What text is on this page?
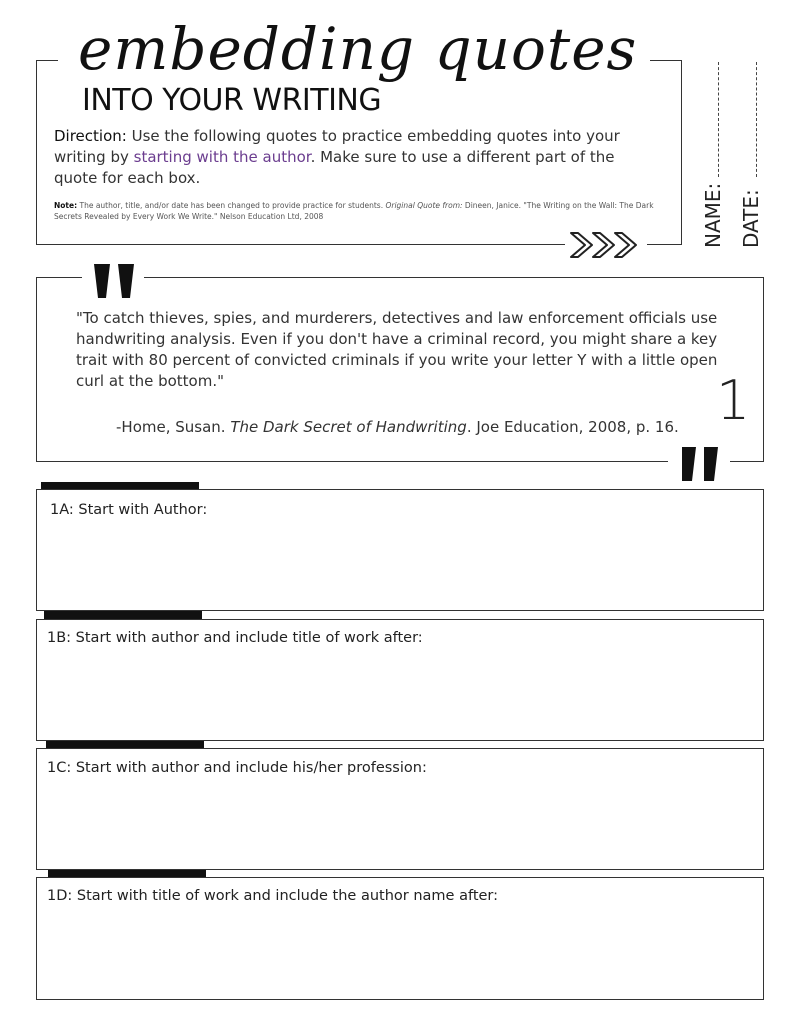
embedding quotes
INTO YOUR WRITING
Direction: Use the following quotes to practice embedding quotes into your writing by starting with the author. Make sure to use a different part of the quote for each box.
Note: The author, title, and/or date has been changed to provide practice for students. Original Quote from: Dineen, Janice. "The Writing on the Wall: The Dark Secrets Revealed by Every Work We Write." Nelson Education Ltd, 2008	NAME: DATE:
"To catch thieves, spies, and murderers, detectives and law enforcement officials use handwriting analysis. Even if you don't have a criminal record, you might share a key trait with 80 percent of convicted criminals if you write your letter Y with a little open curl at the bottom."
-Home, Susan. The Dark Secret of Handwriting. Joe Education, 2008, p. 16. 1
1A: Start with Author:
1B: Start with author and include title of work after:
1C: Start with author and include his/her profession:
1D: Start with title of work and include the author name after:
